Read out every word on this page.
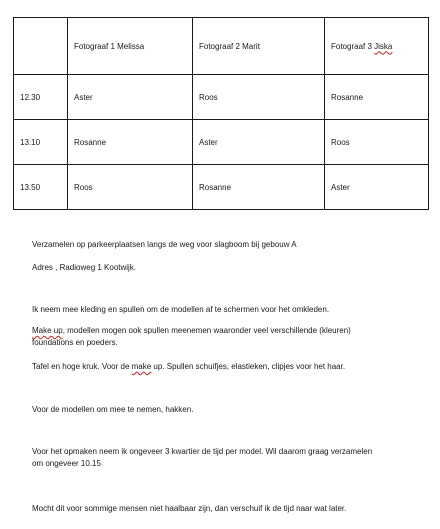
	Fotograaf 1 Melissa	Fotograaf 2 Marit	Fotograaf 3 Jiska
12.30	Aster	Roos	Rosanne
13.10	Rosanne	Aster	Roos
13.50	Roos	Rosanne	Aster

Verzamelen op parkeerplaatsen langs de weg voor slagboom bij gebouw A

Adres , Radioweg 1 Kootwijk.

Ik neem mee kleding en spullen om de modellen af te schermen voor het omkleden.

Make up, modellen mogen ook spullen meenemen waaronder veel verschillende (kleuren)
foundations en poeders.

Tafel en hoge kruk. Voor de make up. Spullen schuifjes, elastieken, clipjes voor het haar.

Voor de modellen om mee te nemen, hakken.

Voor het opmaken neem ik ongeveer 3 kwartier de tijd per model. Wil daarom graag verzamelen
om ongeveer 10.15

Mocht dit voor sommige mensen niet haalbaar zijn, dan verschuif ik de tijd naar wat later.
